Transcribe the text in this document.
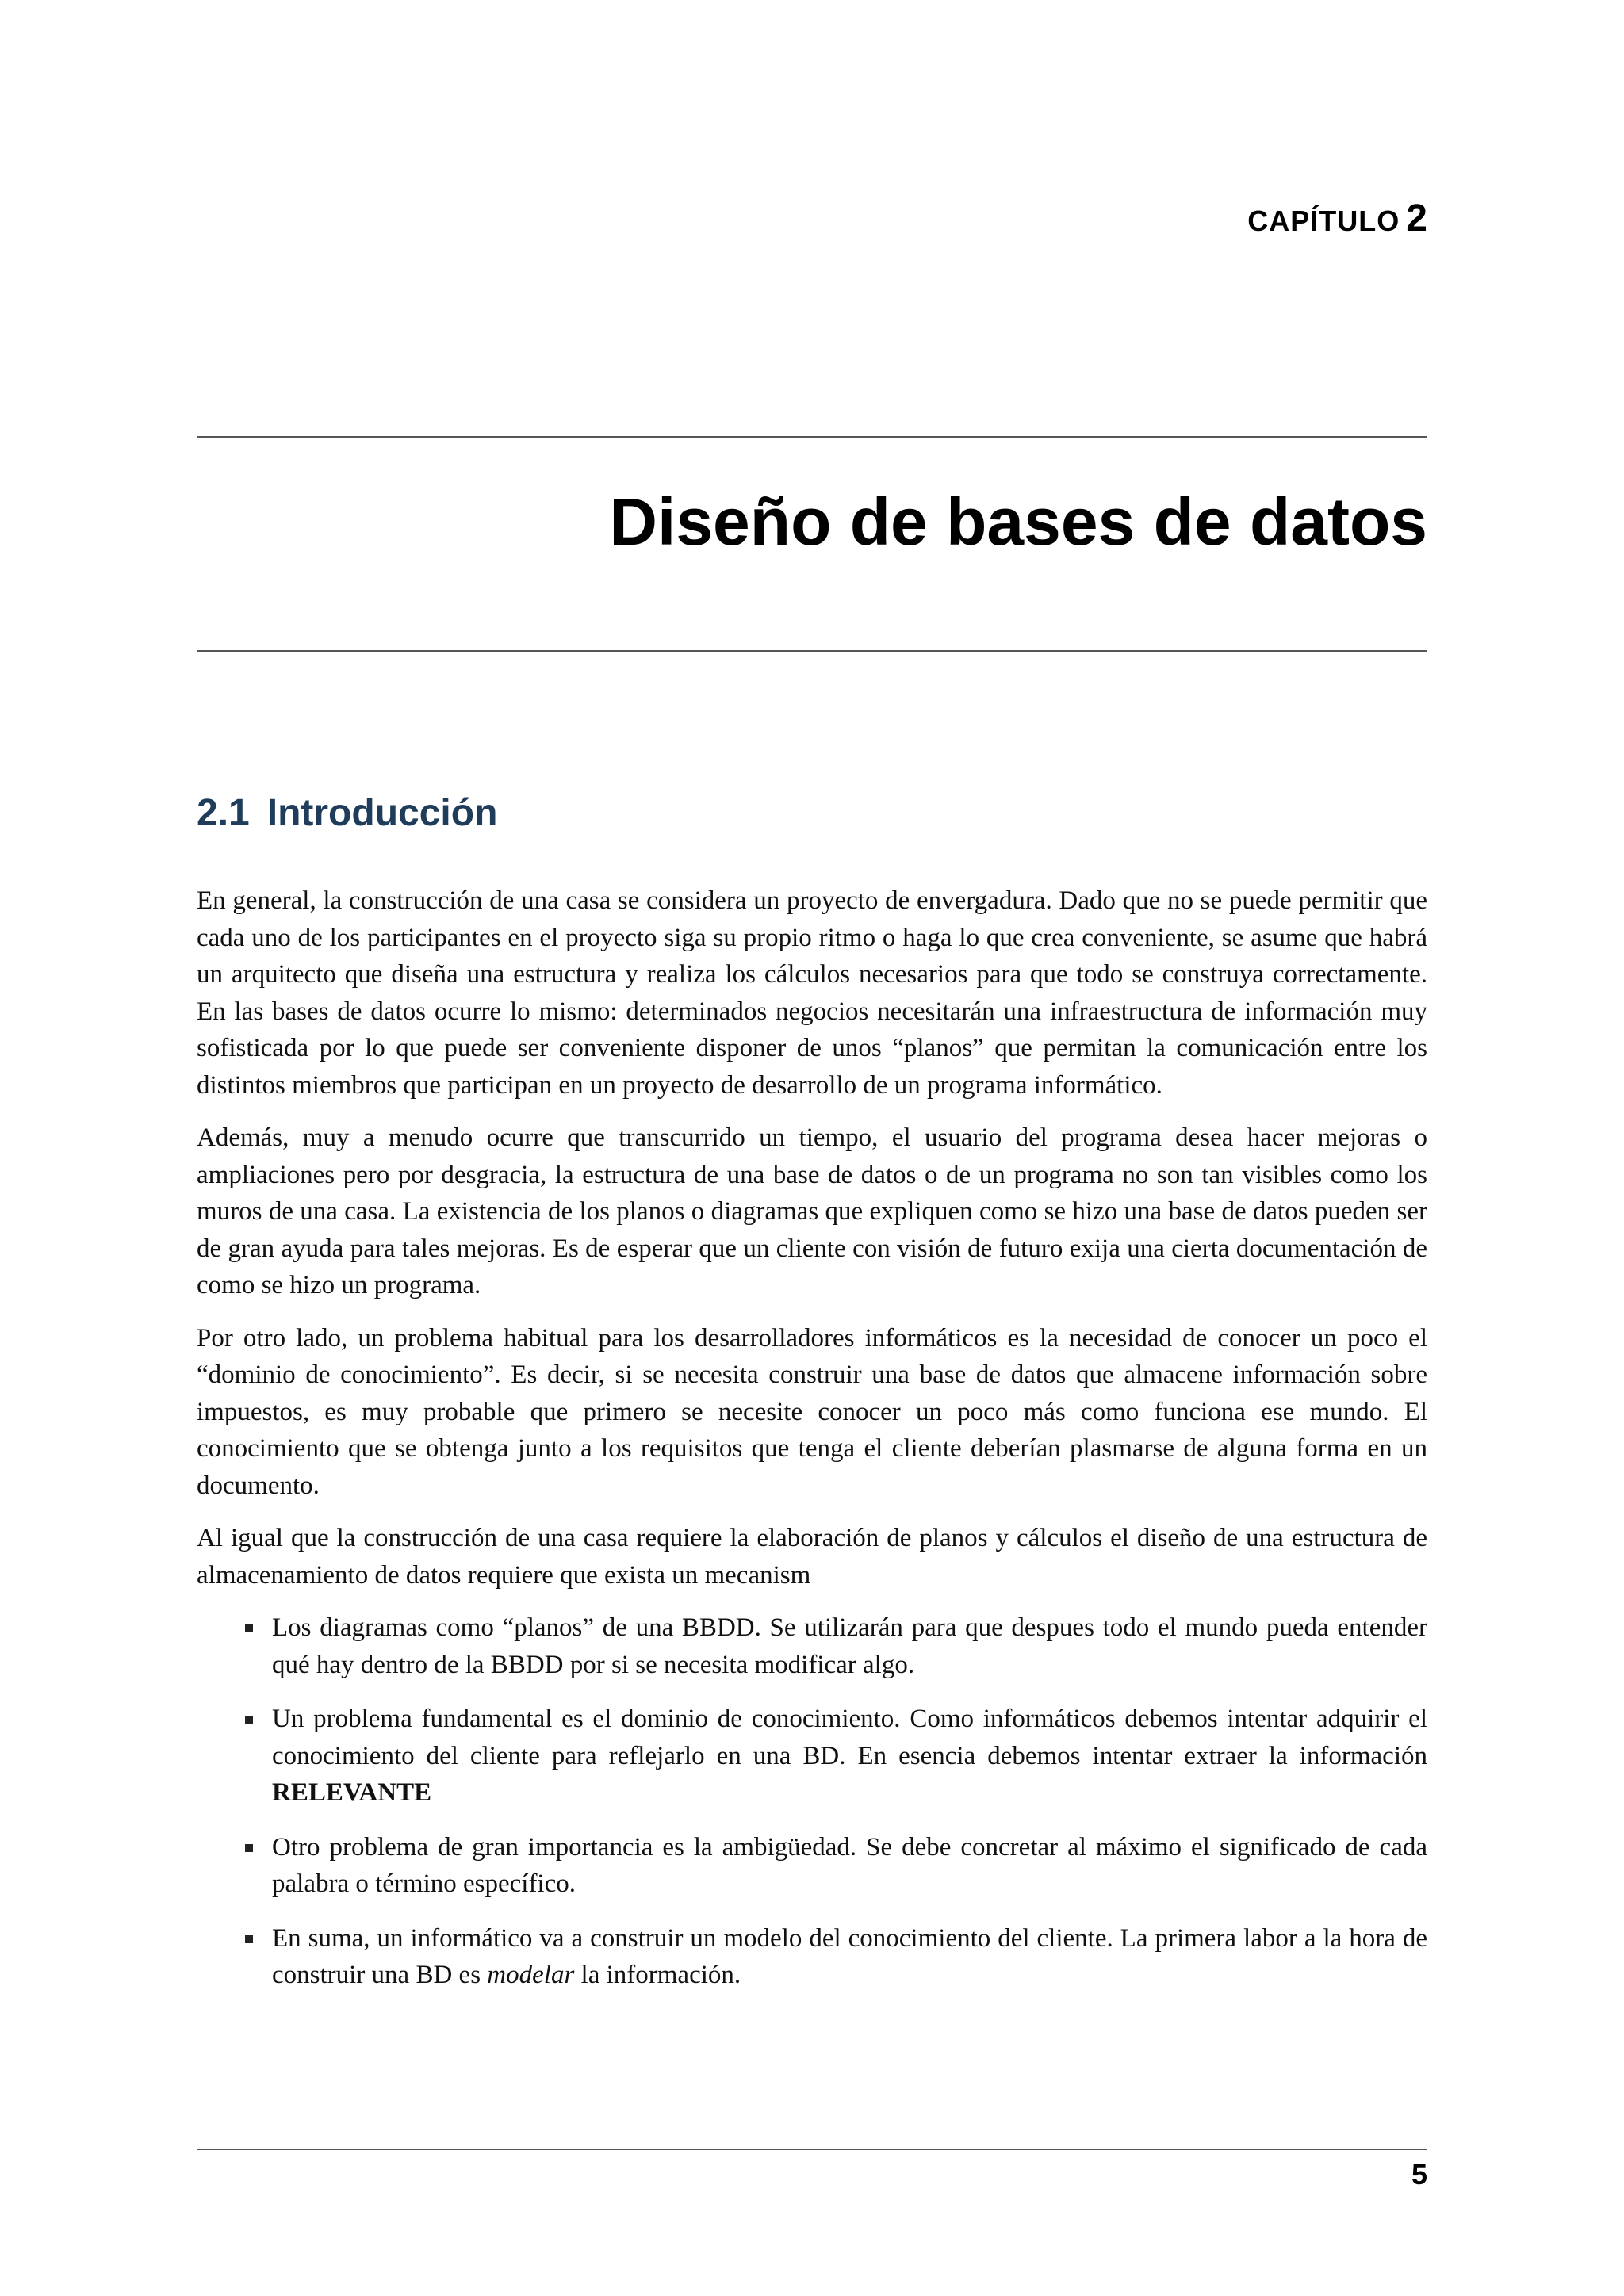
CAPÍTULO 2
Diseño de bases de datos
2.1 Introducción

En general, la construcción de una casa se considera un proyecto de envergadura. Dado que no se puede permitir que cada uno de los participantes en el proyecto siga su propio ritmo o haga lo que crea conveniente, se asume que habrá un arquitecto que diseña una estructura y realiza los cálculos necesarios para que todo se construya correctamente. En las bases de datos ocurre lo mismo: determinados negocios necesitarán una infraestructura de información muy sofisticada por lo que puede ser conveniente disponer de unos “planos” que permitan la comunicación entre los distintos miembros que participan en un proyecto de desarrollo de un programa informático.

Además, muy a menudo ocurre que transcurrido un tiempo, el usuario del programa desea hacer mejoras o ampliaciones pero por desgracia, la estructura de una base de datos o de un programa no son tan visibles como los muros de una casa. La existencia de los planos o diagramas que expliquen como se hizo una base de datos pueden ser de gran ayuda para tales mejoras. Es de esperar que un cliente con visión de futuro exija una cierta documentación de como se hizo un programa.

Por otro lado, un problema habitual para los desarrolladores informáticos es la necesidad de conocer un poco el “dominio de conocimiento”. Es decir, si se necesita construir una base de datos que almacene información sobre impuestos, es muy probable que primero se necesite conocer un poco más como funciona ese mundo. El conocimiento que se obtenga junto a los requisitos que tenga el cliente deberían plasmarse de alguna forma en un documento.

Al igual que la construcción de una casa requiere la elaboración de planos y cálculos el diseño de una estructura de almacenamiento de datos requiere que exista un mecanism

Los diagramas como “planos” de una BBDD. Se utilizarán para que despues todo el mundo pueda entender qué hay dentro de la BBDD por si se necesita modificar algo.
Un problema fundamental es el dominio de conocimiento. Como informáticos debemos intentar adquirir el conocimiento del cliente para reflejarlo en una BD. En esencia debemos intentar extraer la información RELEVANTE
Otro problema de gran importancia es la ambigüedad. Se debe concretar al máximo el significado de cada palabra o término específico.
En suma, un informático va a construir un modelo del conocimiento del cliente. La primera labor a la hora de construir una BD es modelar la información.
5
